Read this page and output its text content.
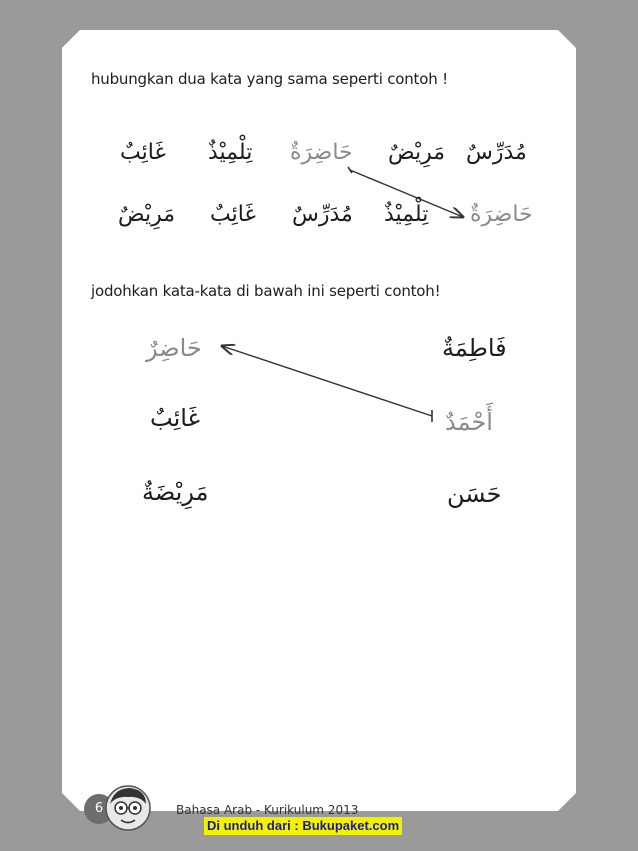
hubungkan dua kata yang sama seperti contoh !
مُدَرِّسٌ
مَرِيْضٌ
حَاضِرَةٌ
تِلْمِيْذٌ
غَائِبٌ
حَاضِرَةٌ
تِلْمِيْذٌ
مُدَرِّسٌ
غَائِبٌ
مَرِيْضٌ
jodohkan kata-kata di bawah ini seperti contoh!
فَاطِمَةٌ
أَحْمَدٌ
حَسَن
حَاضِرٌ
غَائِبٌ
مَرِيْضَةٌ
6	Bahasa Arab - Kurikulum 2013
Di unduh dari : Bukupaket.com
